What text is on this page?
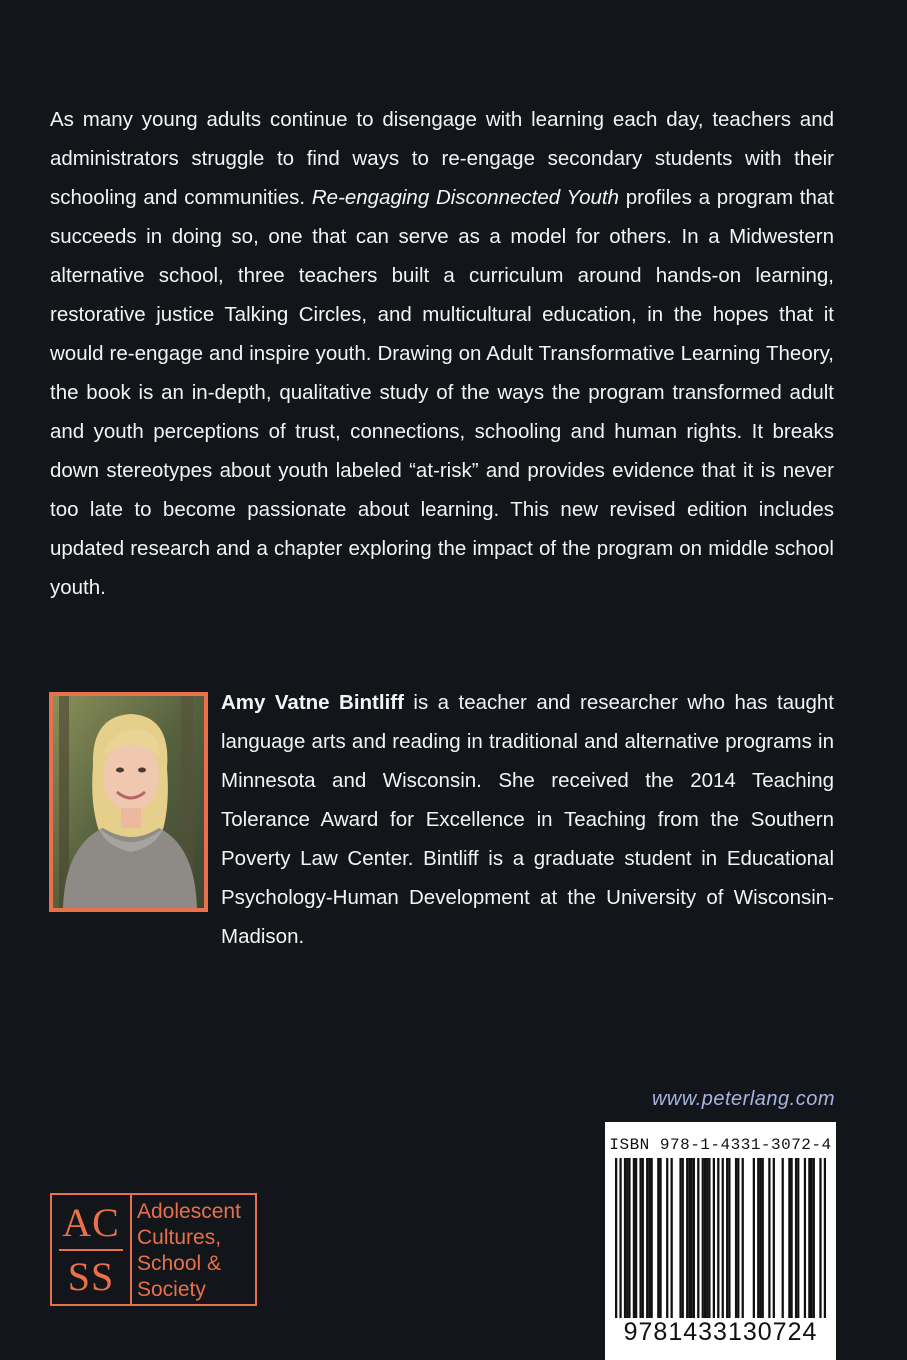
As many young adults continue to disengage with learning each day, teachers and administrators struggle to find ways to re-engage secondary students with their schooling and communities. Re-engaging Disconnected Youth profiles a program that succeeds in doing so, one that can serve as a model for others. In a Midwestern alternative school, three teachers built a curriculum around hands-on learning, restorative justice Talking Circles, and multicultural education, in the hopes that it would re-engage and inspire youth. Drawing on Adult Transformative Learning Theory, the book is an in-depth, qualitative study of the ways the program transformed adult and youth perceptions of trust, connections, schooling and human rights. It breaks down stereotypes about youth labeled “at-risk” and provides evidence that it is never too late to become passionate about learning. This new revised edition includes updated research and a chapter exploring the impact of the program on middle school youth.
Amy Vatne Bintliff is a teacher and researcher who has taught language arts and reading in traditional and alternative programs in Minnesota and Wisconsin. She received the 2014 Teaching Tolerance Award for Excellence in Teaching from the Southern Poverty Law Center. Bintliff is a graduate student in Educational Psychology-Human Development at the University of Wisconsin-Madison.
www.peterlang.com
ISBN 978-1-4331-3072-4
9781433130724
AC
SS
Adolescent
Cultures,
School &
Society
